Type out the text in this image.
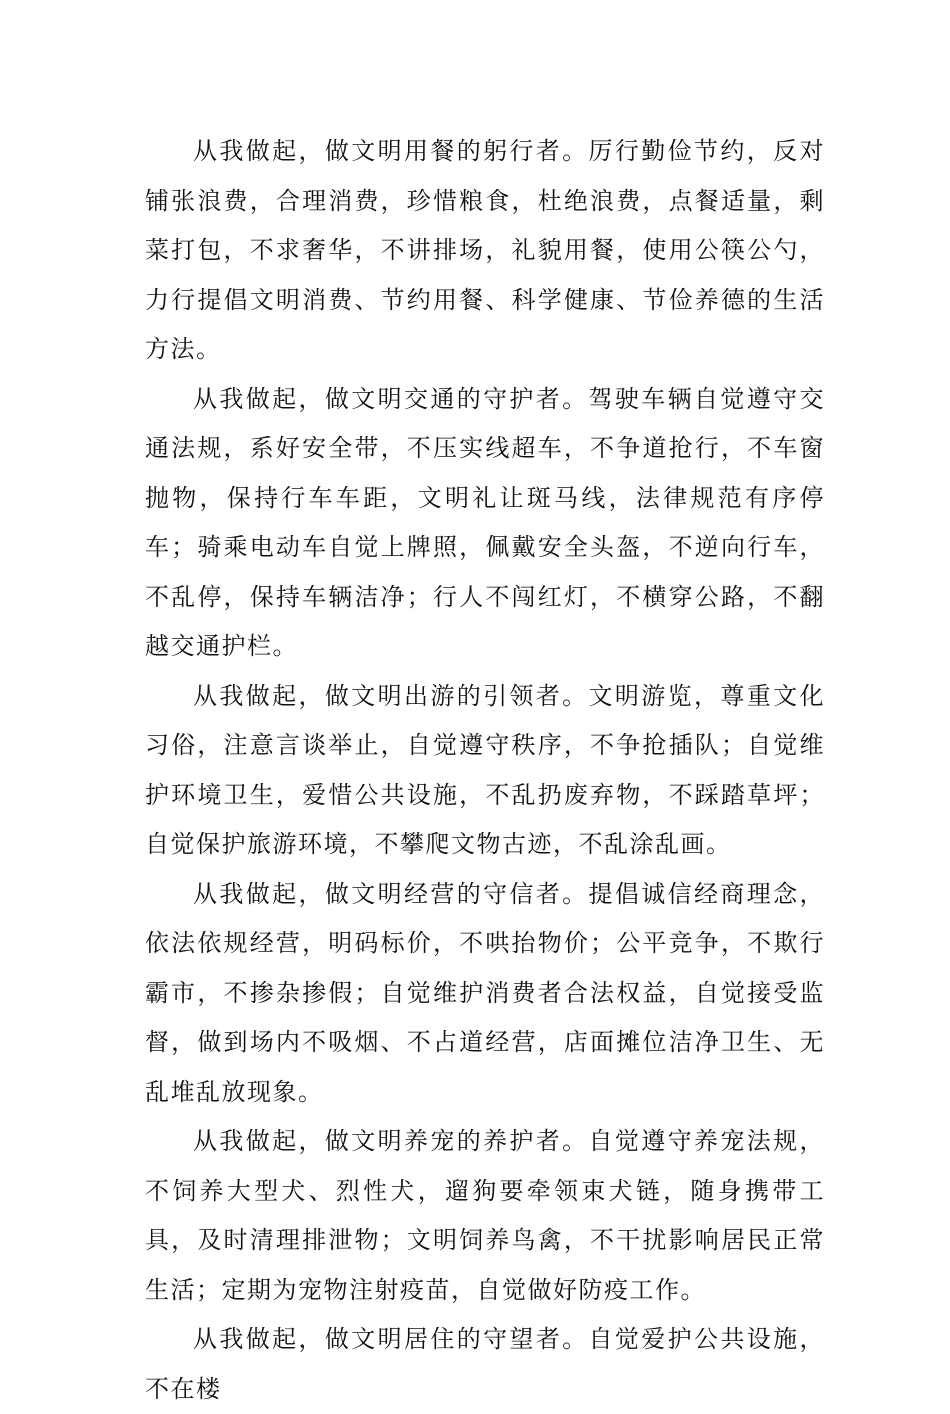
从我做起，做文明用餐的躬行者。厉行勤俭节约，反对铺张浪费，合理消费，珍惜粮食，杜绝浪费，点餐适量，剩菜打包，不求奢华，不讲排场，礼貌用餐，使用公筷公勺，力行提倡文明消费、节约用餐、科学健康、节俭养德的生活方法。

从我做起，做文明交通的守护者。驾驶车辆自觉遵守交通法规，系好安全带，不压实线超车，不争道抢行，不车窗抛物，保持行车车距，文明礼让斑马线，法律规范有序停车；骑乘电动车自觉上牌照，佩戴安全头盔，不逆向行车，不乱停，保持车辆洁净；行人不闯红灯，不横穿公路，不翻越交通护栏。

从我做起，做文明出游的引领者。文明游览，尊重文化习俗，注意言谈举止，自觉遵守秩序，不争抢插队；自觉维护环境卫生，爱惜公共设施，不乱扔废弃物，不踩踏草坪；自觉保护旅游环境，不攀爬文物古迹，不乱涂乱画。

从我做起，做文明经营的守信者。提倡诚信经商理念，依法依规经营，明码标价，不哄抬物价；公平竞争，不欺行霸市，不掺杂掺假；自觉维护消费者合法权益，自觉接受监督，做到场内不吸烟、不占道经营，店面摊位洁净卫生、无乱堆乱放现象。

从我做起，做文明养宠的养护者。自觉遵守养宠法规，不饲养大型犬、烈性犬，遛狗要牵领束犬链，随身携带工具，及时清理排泄物；文明饲养鸟禽，不干扰影响居民正常生活；定期为宠物注射疫苗，自觉做好防疫工作。

从我做起，做文明居住的守望者。自觉爱护公共设施，不在楼
